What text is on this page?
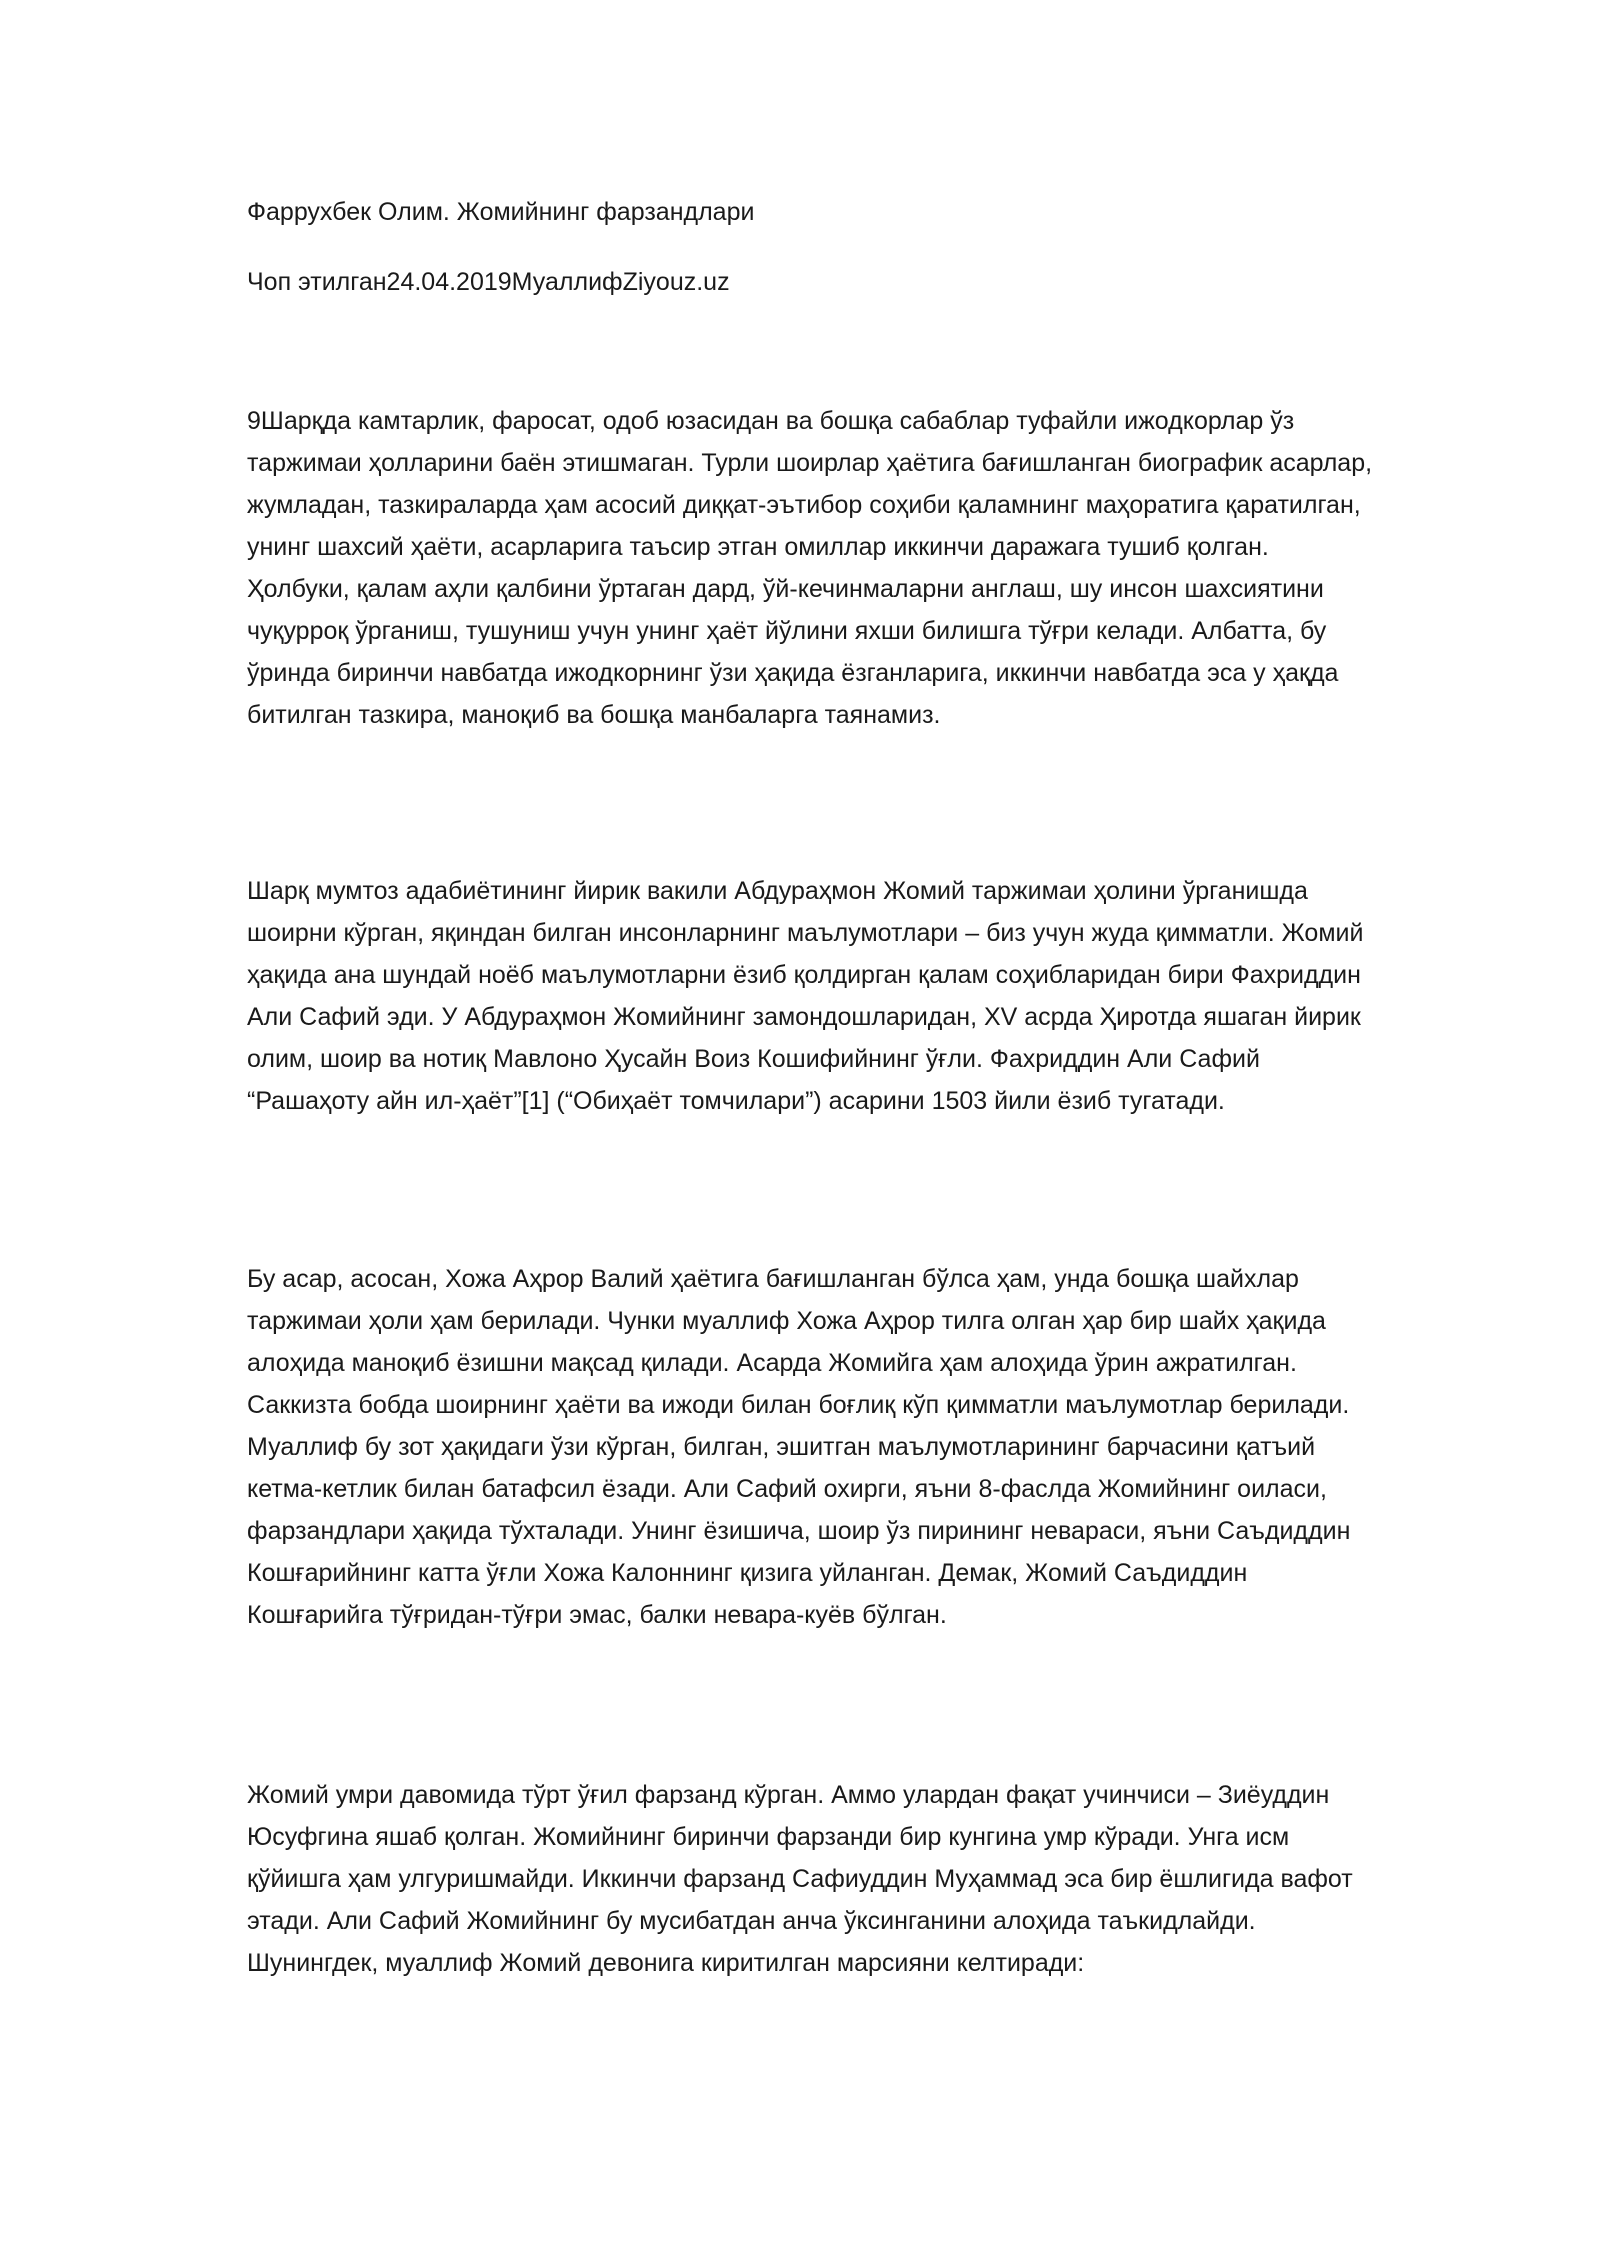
Фаррухбек Олим. Жомийнинг фарзандлари
Чоп этилган24.04.2019МуаллифZiyouz.uz

9Шарқда камтарлик, фаросат, одоб юзасидан ва бошқа сабаблар туфайли ижодкорлар ўз таржимаи ҳолларини баён этишмаган. Турли шоирлар ҳаётига бағишланган биографик асарлар, жумладан, тазкираларда ҳам асосий диққат-эътибор соҳиби қаламнинг маҳоратига қаратилган, унинг шахсий ҳаёти, асарларига таъсир этган омиллар иккинчи даражага тушиб қолган. Ҳолбуки, қалам аҳли қалбини ўртаган дард, ўй-кечинмаларни англаш, шу инсон шахсиятини чуқурроқ ўрганиш, тушуниш учун унинг ҳаёт йўлини яхши билишга тўғри келади. Албатта, бу ўринда биринчи навбатда ижодкорнинг ўзи ҳақида ёзганларига, иккинчи навбатда эса у ҳақда битилган тазкира, маноқиб ва бошқа манбаларга таянамиз.

Шарқ мумтоз адабиётининг йирик вакили Абдураҳмон Жомий таржимаи ҳолини ўрганишда шоирни кўрган, яқиндан билган инсонларнинг маълумотлари – биз учун жуда қимматли. Жомий ҳақида ана шундай ноёб маълумотларни ёзиб қолдирган қалам соҳибларидан бири Фахриддин Али Сафий эди. У Абдураҳмон Жомийнинг замондошларидан, XV асрда Ҳиротда яшаган йирик олим, шоир ва нотиқ Мавлоно Ҳусайн Воиз Кошифийнинг ўғли. Фахриддин Али Сафий “Рашаҳоту айн ил-ҳаёт”[1] (“Обиҳаёт томчилари”) асарини 1503 йили ёзиб тугатади.

Бу асар, асосан, Хожа Аҳрор Валий ҳаётига бағишланган бўлса ҳам, унда бошқа шайхлар таржимаи ҳоли ҳам берилади. Чунки муаллиф Хожа Аҳрор тилга олган ҳар бир шайх ҳақида алоҳида маноқиб ёзишни мақсад қилади. Асарда Жомийга ҳам алоҳида ўрин ажратилган. Саккизта бобда шоирнинг ҳаёти ва ижоди билан боғлиқ кўп қимматли маълумотлар берилади. Муаллиф бу зот ҳақидаги ўзи кўрган, билган, эшитган маълумотларининг барчасини қатъий кетма-кетлик билан батафсил ёзади. Али Сафий охирги, яъни 8-фаслда Жомийнинг оиласи, фарзандлари ҳақида тўхталади. Унинг ёзишича, шоир ўз пирининг невараси, яъни Саъдиддин Кошғарийнинг катта ўғли Хожа Калоннинг қизига уйланган. Демак, Жомий Саъдиддин Кошғарийга тўғридан-тўғри эмас, балки невара-куёв бўлган.

Жомий умри давомида тўрт ўғил фарзанд кўрган. Аммо улардан фақат учинчиси – Зиёуддин Юсуфгина яшаб қолган. Жомийнинг биринчи фарзанди бир кунгина умр кўради. Унга исм қўйишга ҳам улгуришмайди. Иккинчи фарзанд Сафиуддин Муҳаммад эса бир ёшлигида вафот этади. Али Сафий Жомийнинг бу мусибатдан анча ўксинганини алоҳида таъкидлайди. Шунингдек, муаллиф Жомий девонига киритилган марсияни келтиради:
